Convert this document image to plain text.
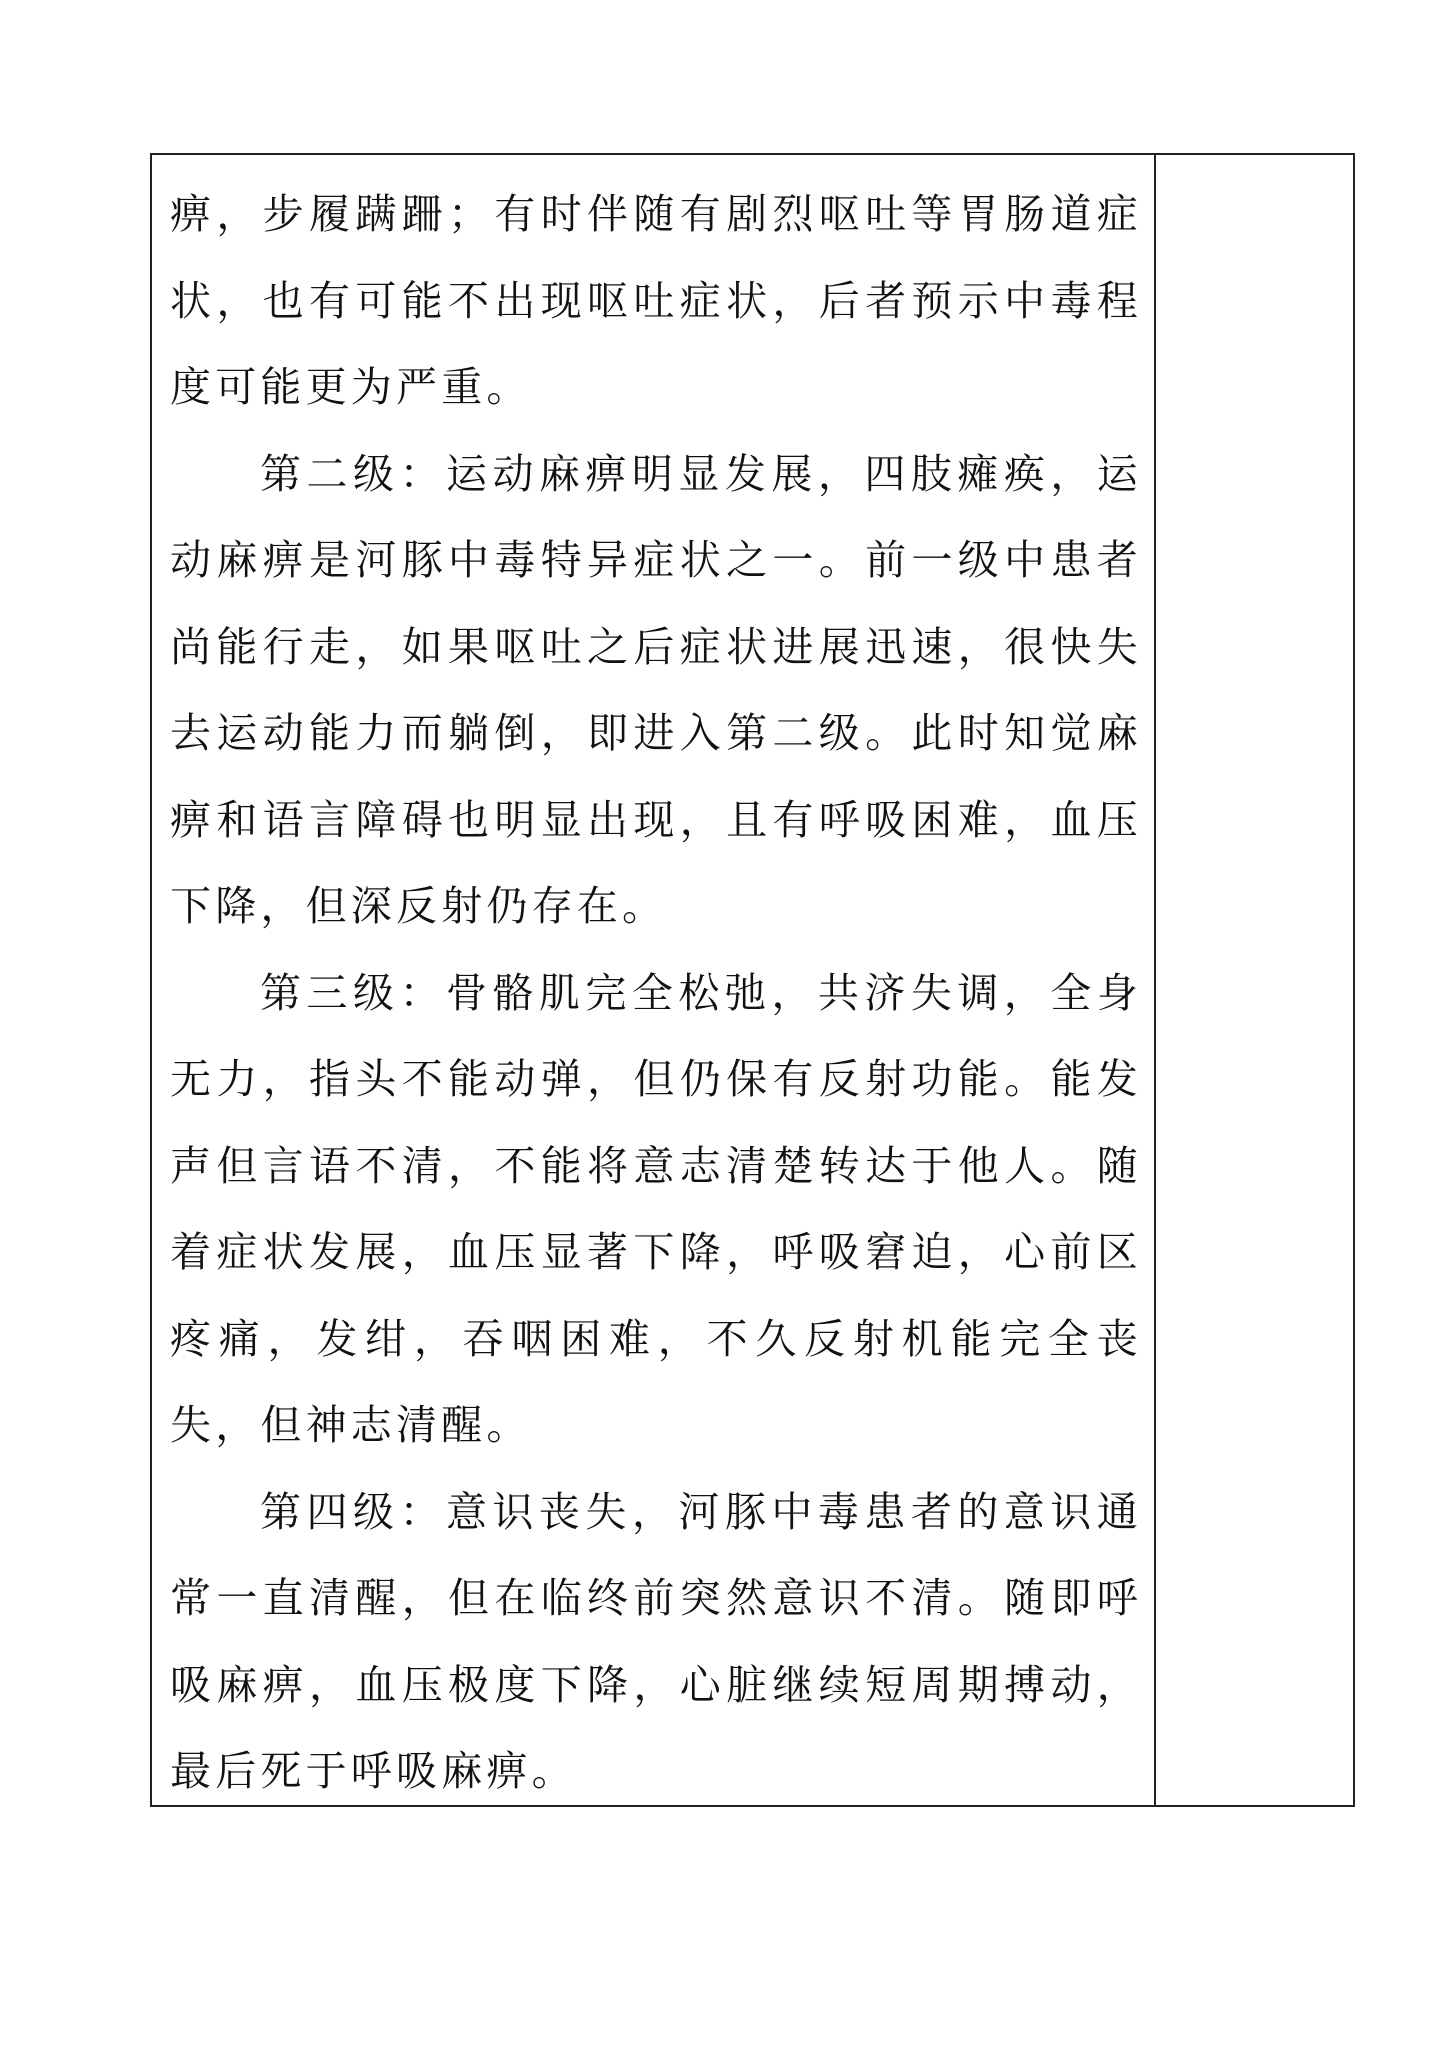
痹，步履蹒跚；有时伴随有剧烈呕吐等胃肠道症状，也有可能不出现呕吐症状，后者预示中毒程度可能更为严重。

第二级：运动麻痹明显发展，四肢瘫痪，运动麻痹是河豚中毒特异症状之一。前一级中患者尚能行走，如果呕吐之后症状进展迅速，很快失去运动能力而躺倒，即进入第二级。此时知觉麻痹和语言障碍也明显出现，且有呼吸困难，血压下降，但深反射仍存在。

第三级：骨骼肌完全松弛，共济失调，全身无力，指头不能动弹，但仍保有反射功能。能发声但言语不清，不能将意志清楚转达于他人。随着症状发展，血压显著下降，呼吸窘迫，心前区疼痛，发绀，吞咽困难，不久反射机能完全丧失，但神志清醒。

第四级：意识丧失，河豚中毒患者的意识通常一直清醒，但在临终前突然意识不清。随即呼吸麻痹，血压极度下降，心脏继续短周期搏动，最后死于呼吸麻痹。
